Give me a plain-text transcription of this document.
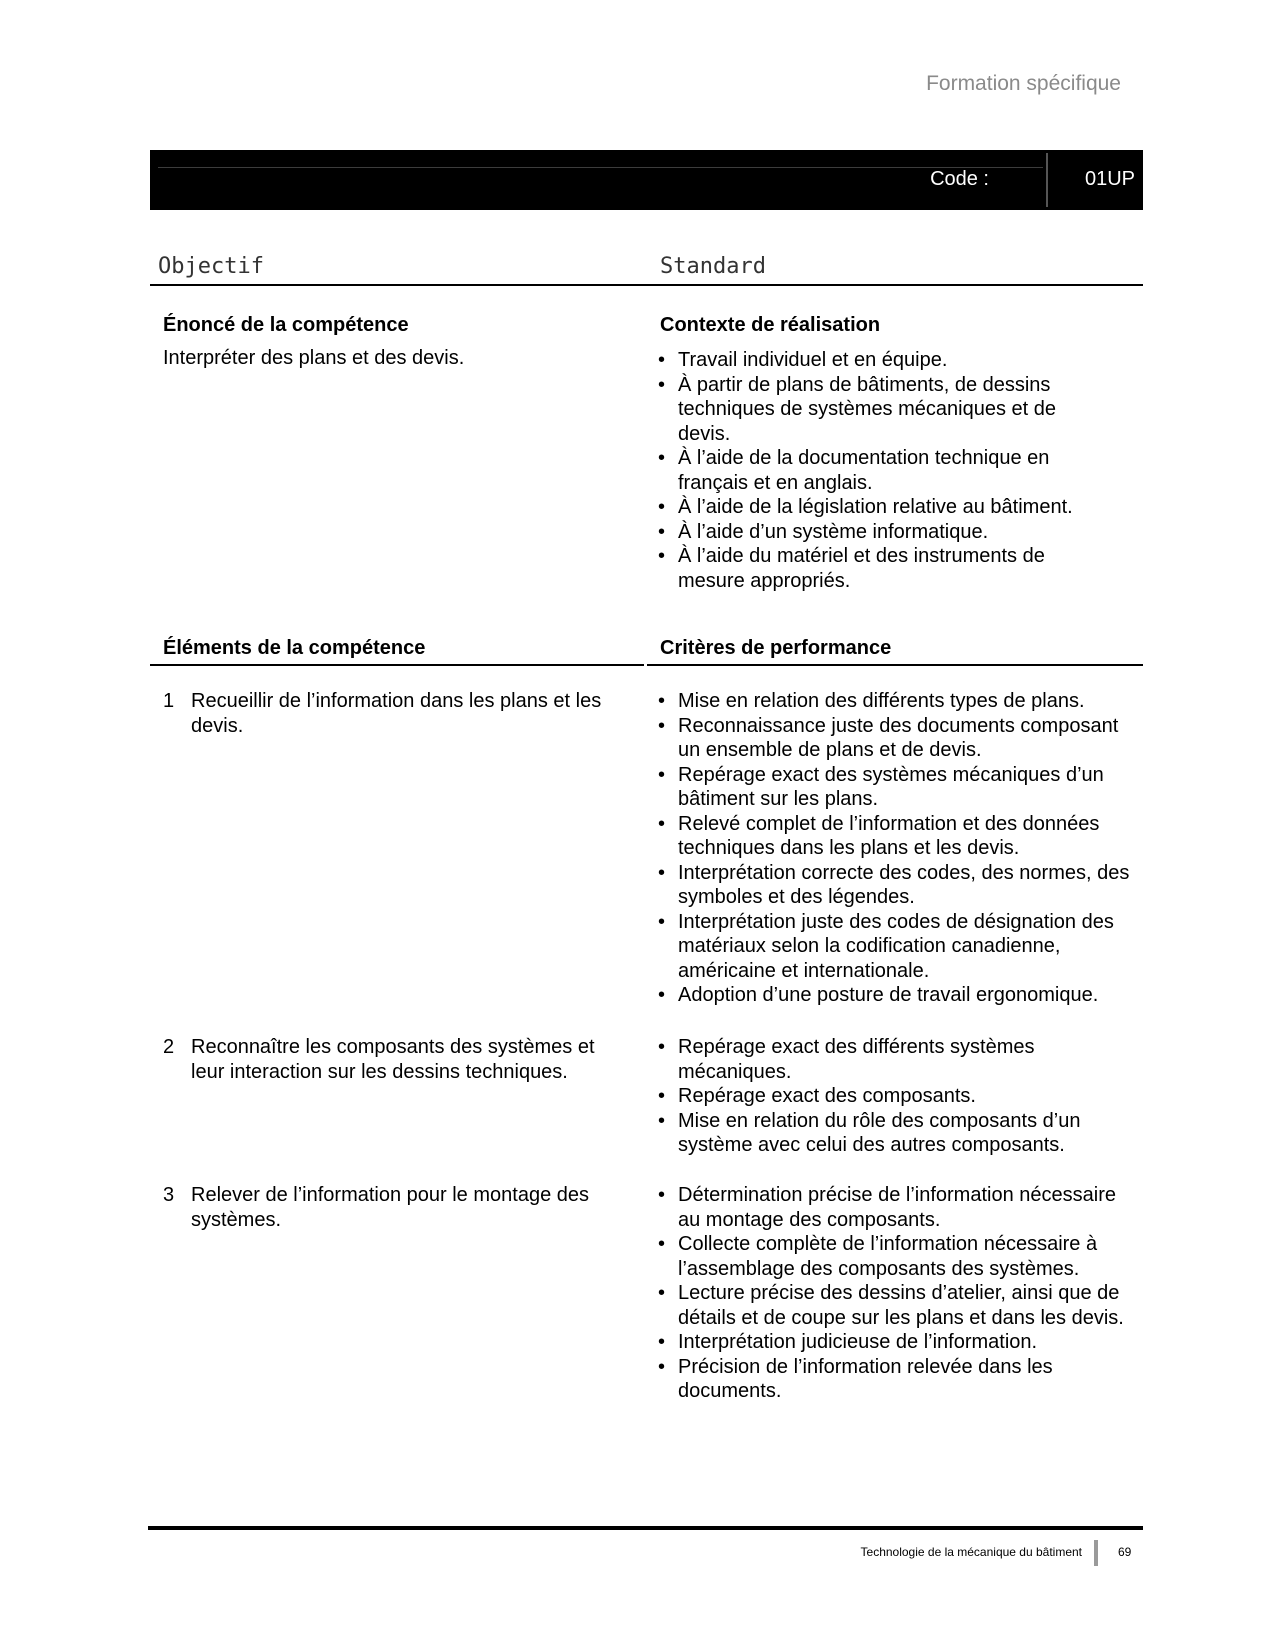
Formation spécifique
01UP
Code :
Objectif	Standard
Énoncé de la compétence
Interpréter des plans et des devis.
Contexte de réalisation
• Travail individuel et en équipe.
• À partir de plans de bâtiments, de dessins techniques de systèmes mécaniques et de devis.
• À l’aide de la documentation technique en français et en anglais.
• À l’aide de la législation relative au bâtiment.
• À l’aide d’un système informatique.
• À l’aide du matériel et des instruments de mesure appropriés.
Éléments de la compétence	Critères de performance
1 Recueillir de l’information dans les plans et les devis.
• Mise en relation des différents types de plans.
• Reconnaissance juste des documents composant un ensemble de plans et de devis.
• Repérage exact des systèmes mécaniques d’un bâtiment sur les plans.
• Relevé complet de l’information et des données techniques dans les plans et les devis.
• Interprétation correcte des codes, des normes, des symboles et des légendes.
• Interprétation juste des codes de désignation des matériaux selon la codification canadienne, américaine et internationale.
• Adoption d’une posture de travail ergonomique.
2 Reconnaître les composants des systèmes et leur interaction sur les dessins techniques.
• Repérage exact des différents systèmes mécaniques.
• Repérage exact des composants.
• Mise en relation du rôle des composants d’un système avec celui des autres composants.
3 Relever de l’information pour le montage des systèmes.
• Détermination précise de l’information nécessaire au montage des composants.
• Collecte complète de l’information nécessaire à l’assemblage des composants des systèmes.
• Lecture précise des dessins d’atelier, ainsi que de détails et de coupe sur les plans et dans les devis.
• Interprétation judicieuse de l’information.
• Précision de l’information relevée dans les documents.
Technologie de la mécanique du bâtiment	69
